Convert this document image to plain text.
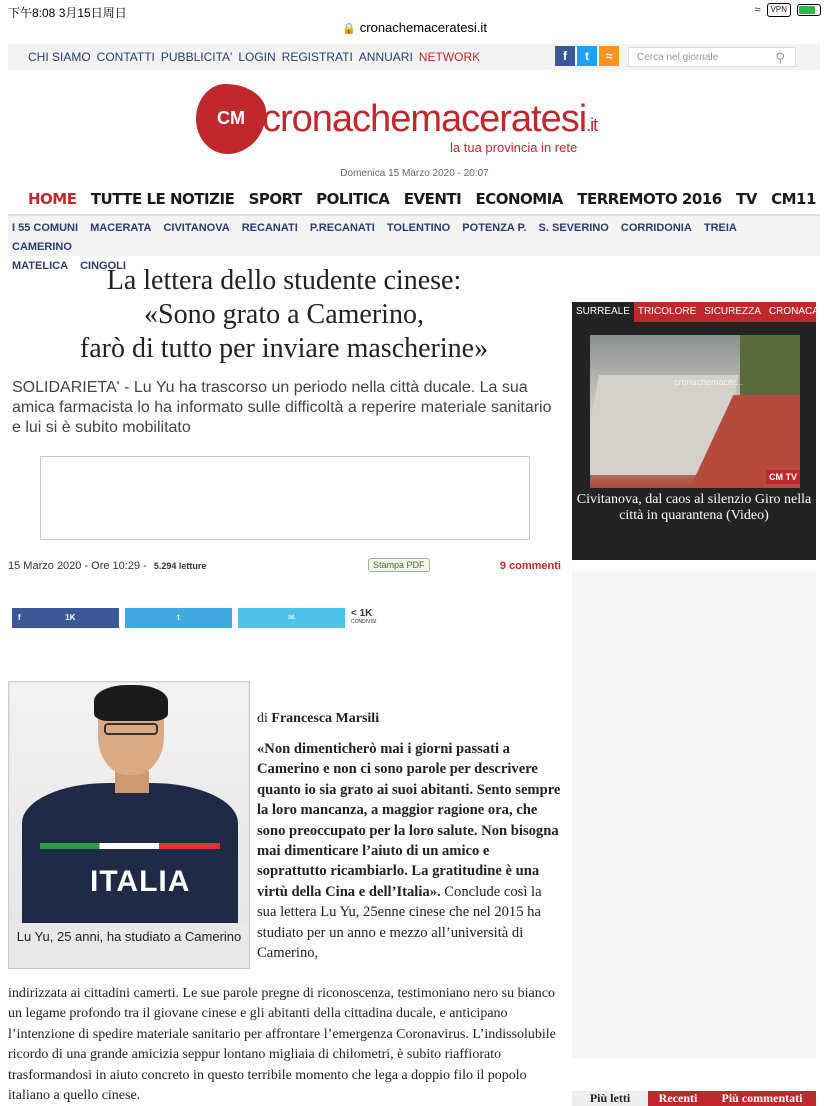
下午8:08 3月15日周日	≈	VPN
🔒 cronachemaceratesi.it
CHI SIAMO CONTATTI PUBBLICITA' LOGIN REGISTRATI ANNUARI NETWORK	f	t	≈	Cerca nel giornale	⚲
CM cronachemaceratesi.it
la tua provincia in rete
Domenica 15 Marzo 2020 - 20:07
HOME TUTTE LE NOTIZIE SPORT POLITICA EVENTI ECONOMIA TERREMOTO 2016 TV CM11
I 55 COMUNI MACERATA CIVITANOVA RECANATI P.RECANATI TOLENTINO POTENZA P. S. SEVERINO CORRIDONIA TREIA CAMERINO
MATELICA CINGOLI
La lettera dello studente cinese:
«Sono grato a Camerino,
farò di tutto per inviare mascherine»

SOLIDARIETA' - Lu Yu ha trascorso un periodo nella città ducale. La sua amica farmacista lo ha informato sulle difficoltà a reperire materiale sanitario e lui si è subito mobilitato

15 Marzo 2020 - Ore 10:29 - 5.294 letture	Stampa PDF	9 commenti
f                    1K	t	✉	< 1K
CONDIVISI
ITALIA
Lu Yu, 25 anni, ha studiato a Camerino
di Francesca Marsili
«Non dimenticherò mai i giorni passati a Camerino e non ci sono parole per descrivere quanto io sia grato ai suoi abitanti. Sento sempre la loro mancanza, a maggior ragione ora, che sono preoccupato per la loro salute. Non bisogna mai dimenticare l’aiuto di un amico e soprattutto ricambiarlo. La gratitudine è una virtù della Cina e dell’Italia». Conclude così la sua lettera Lu Yu, 25enne cinese che nel 2015 ha studiato per un anno e mezzo all’università di Camerino,

indirizzata ai cittadini camerti. Le sue parole pregne di riconoscenza, testimoniano nero su bianco un legame profondo tra il giovane cinese e gli abitanti della cittadina ducale, e anticipano l’intenzione di spedire materiale sanitario per affrontare l’emergenza Coronavirus. L’indissolubile ricordo di una grande amicizia seppur lontano migliaia di chilometri, è subito riaffiorato trasformandosi in aiuto concreto in questo terribile momento che lega a doppio filo il popolo italiano a quello cinese.

SURREALE TRICOLORE SICUREZZA CRONACA
cronachemacer...
CM TV
Civitanova, dal caos al silenzio Giro nella città in quarantena (Video)
Più letti	Recenti	Più commentati
